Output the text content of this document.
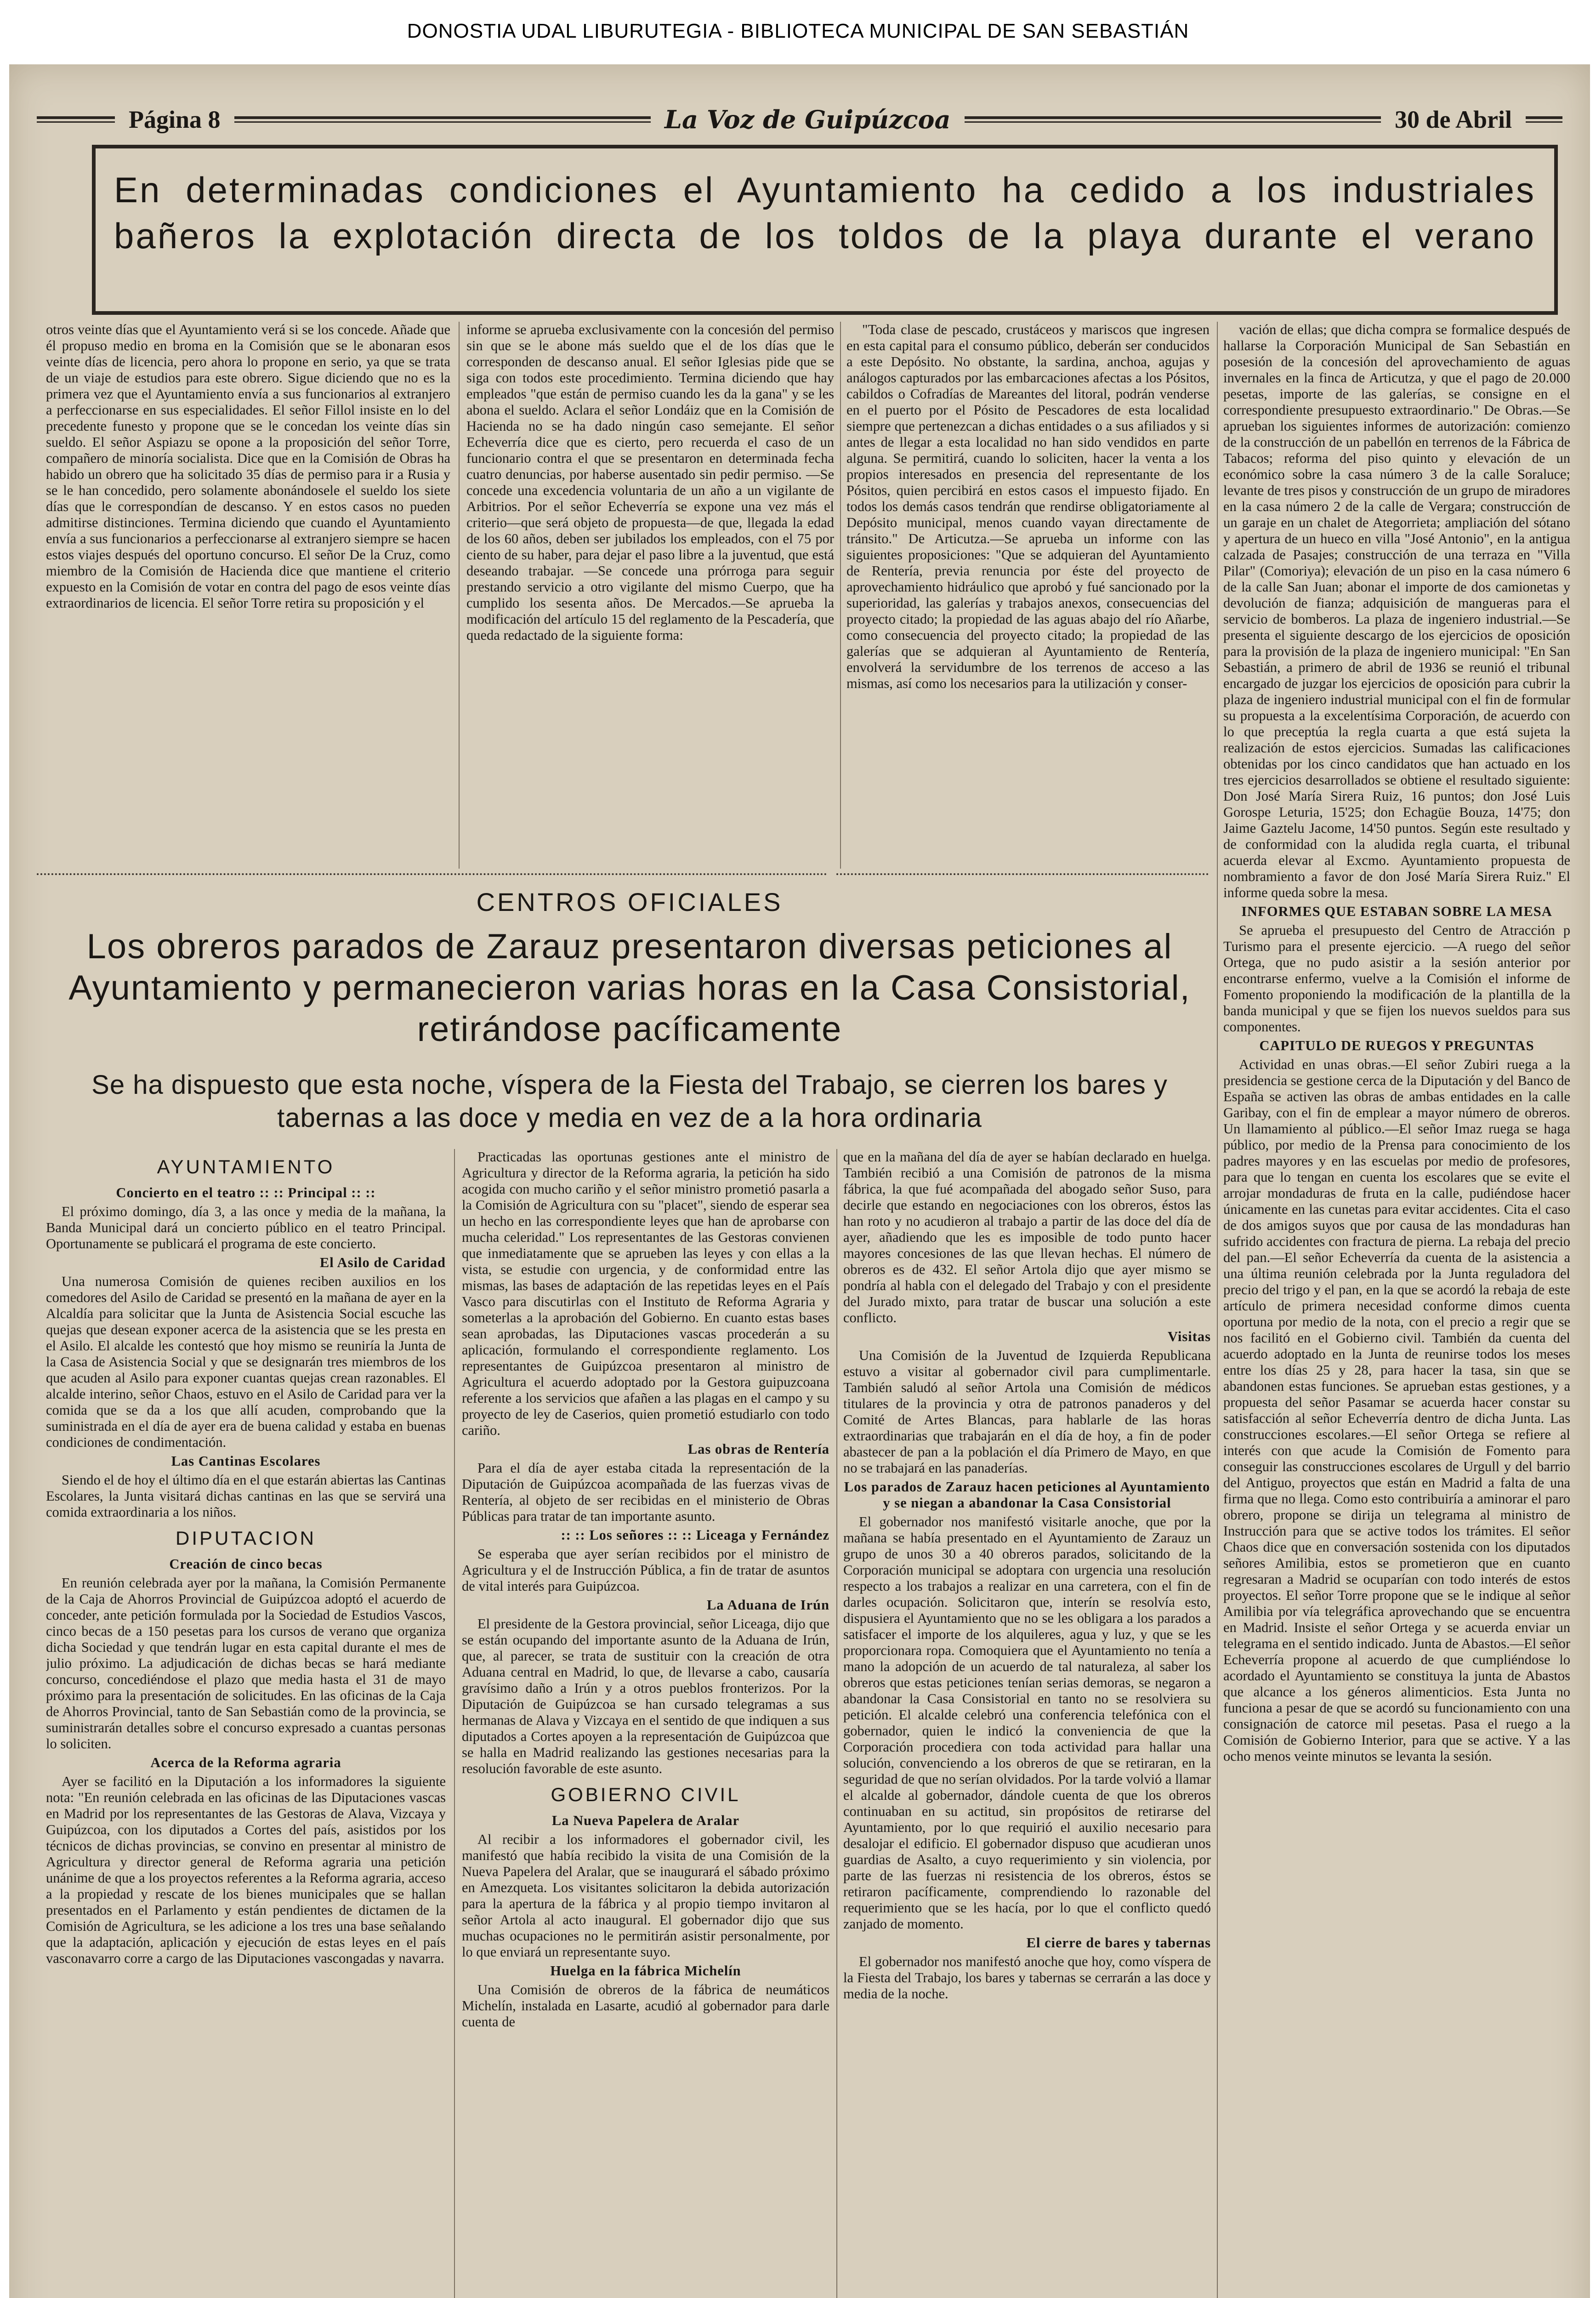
DONOSTIA UDAL LIBURUTEGIA - BIBLIOTECA MUNICIPAL DE SAN SEBASTIÁN
Página 8	La Voz de Guipúzcoa	30 de Abril
En determinadas condiciones el Ayuntamiento ha cedido a los industriales bañeros la explotación directa de los toldos de la playa durante el verano

otros veinte días que el Ayuntamiento verá si se los concede. Añade que él propuso medio en broma en la Comisión que se le abonaran esos veinte días de licencia, pero ahora lo propone en serio, ya que se trata de un viaje de estudios para este obrero. Sigue diciendo que no es la primera vez que el Ayuntamiento envía a sus funcionarios al extranjero a perfeccionarse en sus especialidades. El señor Fillol insiste en lo del precedente funesto y propone que se le concedan los veinte días sin sueldo. El señor Aspiazu se opone a la proposición del señor Torre, compañero de minoría socialista. Dice que en la Comisión de Obras ha habido un obrero que ha solicitado 35 días de permiso para ir a Rusia y se le han concedido, pero solamente abonándosele el sueldo los siete días que le correspondían de descanso. Y en estos casos no pueden admitirse distinciones. Termina diciendo que cuando el Ayuntamiento envía a sus funcionarios a perfeccionarse al extranjero siempre se hacen estos viajes después del oportuno concurso. El señor De la Cruz, como miembro de la Comisión de Hacienda dice que mantiene el criterio expuesto en la Comisión de votar en contra del pago de esos veinte días extraordinarios de licencia. El señor Torre retira su proposición y el

informe se aprueba exclusivamente con la concesión del permiso sin que se le abone más sueldo que el de los días que le corresponden de descanso anual. El señor Iglesias pide que se siga con todos este procedimiento. Termina diciendo que hay empleados "que están de permiso cuando les da la gana" y se les abona el sueldo. Aclara el señor Londáiz que en la Comisión de Hacienda no se ha dado ningún caso semejante. El señor Echeverría dice que es cierto, pero recuerda el caso de un funcionario contra el que se presentaron en determinada fecha cuatro denuncias, por haberse ausentado sin pedir permiso. —Se concede una excedencia voluntaria de un año a un vigilante de Arbitrios. Por el señor Echeverría se expone una vez más el criterio—que será objeto de propuesta—de que, llegada la edad de los 60 años, deben ser jubilados los empleados, con el 75 por ciento de su haber, para dejar el paso libre a la juventud, que está deseando trabajar. —Se concede una prórroga para seguir prestando servicio a otro vigilante del mismo Cuerpo, que ha cumplido los sesenta años. De Mercados.—Se aprueba la modificación del artículo 15 del reglamento de la Pescadería, que queda redactado de la siguiente forma:

"Toda clase de pescado, crustáceos y mariscos que ingresen en esta capital para el consumo público, deberán ser conducidos a este Depósito. No obstante, la sardina, anchoa, agujas y análogos capturados por las embarcaciones afectas a los Pósitos, cabildos o Cofradías de Mareantes del litoral, podrán venderse en el puerto por el Pósito de Pescadores de esta localidad siempre que pertenezcan a dichas entidades o a sus afiliados y si antes de llegar a esta localidad no han sido vendidos en parte alguna. Se permitirá, cuando lo soliciten, hacer la venta a los propios interesados en presencia del representante de los Pósitos, quien percibirá en estos casos el impuesto fijado. En todos los demás casos tendrán que rendirse obligatoriamente al Depósito municipal, menos cuando vayan directamente de tránsito." De Articutza.—Se aprueba un informe con las siguientes proposiciones: "Que se adquieran del Ayuntamiento de Rentería, previa renuncia por éste del proyecto de aprovechamiento hidráulico que aprobó y fué sancionado por la superioridad, las galerías y trabajos anexos, consecuencias del proyecto citado; la propiedad de las aguas abajo del río Añarbe, como consecuencia del proyecto citado; la propiedad de las galerías que se adquieran al Ayuntamiento de Rentería, envolverá la servidumbre de los terrenos de acceso a las mismas, así como los necesarios para la utilización y conser-

vación de ellas; que dicha compra se formalice después de hallarse la Corporación Municipal de San Sebastián en posesión de la concesión del aprovechamiento de aguas invernales en la finca de Articutza, y que el pago de 20.000 pesetas, importe de las galerías, se consigne en el correspondiente presupuesto extraordinario." De Obras.—Se aprueban los siguientes informes de autorización: comienzo de la construcción de un pabellón en terrenos de la Fábrica de Tabacos; reforma del piso quinto y elevación de un económico sobre la casa número 3 de la calle Soraluce; levante de tres pisos y construcción de un grupo de miradores en la casa número 2 de la calle de Vergara; construcción de un garaje en un chalet de Ategorrieta; ampliación del sótano y apertura de un hueco en villa "José Antonio", en la antigua calzada de Pasajes; construcción de una terraza en "Villa Pilar" (Comoriya); elevación de un piso en la casa número 6 de la calle San Juan; abonar el importe de dos camionetas y devolución de fianza; adquisición de mangueras para el servicio de bomberos. La plaza de ingeniero industrial.—Se presenta el siguiente descargo de los ejercicios de oposición para la provisión de la plaza de ingeniero municipal: "En San Sebastián, a primero de abril de 1936 se reunió el tribunal encargado de juzgar los ejercicios de oposición para cubrir la plaza de ingeniero industrial municipal con el fin de formular su propuesta a la excelentísima Corporación, de acuerdo con lo que preceptúa la regla cuarta a que está sujeta la realización de estos ejercicios. Sumadas las calificaciones obtenidas por los cinco candidatos que han actuado en los tres ejercicios desarrollados se obtiene el resultado siguiente: Don José María Sirera Ruiz, 16 puntos; don José Luis Gorospe Leturia, 15'25; don Echagüe Bouza, 14'75; don Jaime Gaztelu Jacome, 14'50 puntos. Según este resultado y de conformidad con la aludida regla cuarta, el tribunal acuerda elevar al Excmo. Ayuntamiento propuesta de nombramiento a favor de don José María Sirera Ruiz." El informe queda sobre la mesa.

INFORMES QUE ESTABAN SOBRE LA MESA

Se aprueba el presupuesto del Centro de Atracción p Turismo para el presente ejercicio. —A ruego del señor Ortega, que no pudo asistir a la sesión anterior por encontrarse enfermo, vuelve a la Comisión el informe de Fomento proponiendo la modificación de la plantilla de la banda municipal y que se fijen los nuevos sueldos para sus componentes.

CAPITULO DE RUEGOS Y PREGUNTAS

Actividad en unas obras.—El señor Zubiri ruega a la presidencia se gestione cerca de la Diputación y del Banco de España se activen las obras de ambas entidades en la calle Garibay, con el fin de emplear a mayor número de obreros. Un llamamiento al público.—El señor Imaz ruega se haga público, por medio de la Prensa para conocimiento de los padres mayores y en las escuelas por medio de profesores, para que lo tengan en cuenta los escolares que se evite el arrojar mondaduras de fruta en la calle, pudiéndose hacer únicamente en las cunetas para evitar accidentes. Cita el caso de dos amigos suyos que por causa de las mondaduras han sufrido accidentes con fractura de pierna. La rebaja del precio del pan.—El señor Echeverría da cuenta de la asistencia a una última reunión celebrada por la Junta reguladora del precio del trigo y el pan, en la que se acordó la rebaja de este artículo de primera necesidad conforme dimos cuenta oportuna por medio de la nota, con el precio a regir que se nos facilitó en el Gobierno civil. También da cuenta del acuerdo adoptado en la Junta de reunirse todos los meses entre los días 25 y 28, para hacer la tasa, sin que se abandonen estas funciones. Se aprueban estas gestiones, y a propuesta del señor Pasamar se acuerda hacer constar su satisfacción al señor Echeverría dentro de dicha Junta. Las construcciones escolares.—El señor Ortega se refiere al interés con que acude la Comisión de Fomento para conseguir las construcciones escolares de Urgull y del barrio del Antiguo, proyectos que están en Madrid a falta de una firma que no llega. Como esto contribuiría a aminorar el paro obrero, propone se dirija un telegrama al ministro de Instrucción para que se active todos los trámites. El señor Chaos dice que en conversación sostenida con los diputados señores Amilibia, estos se prometieron que en cuanto regresaran a Madrid se ocuparían con todo interés de estos proyectos. El señor Torre propone que se le indique al señor Amilibia por vía telegráfica aprovechando que se encuentra en Madrid. Insiste el señor Ortega y se acuerda enviar un telegrama en el sentido indicado. Junta de Abastos.—El señor Echeverría propone al acuerdo de que cumpliéndose lo acordado el Ayuntamiento se constituya la junta de Abastos que alcance a los géneros alimenticios. Esta Junta no funciona a pesar de que se acordó su funcionamiento con una consignación de catorce mil pesetas. Pasa el ruego a la Comisión de Gobierno Interior, para que se active. Y a las ocho menos veinte minutos se levanta la sesión.

CENTROS OFICIALES
Los obreros parados de Zarauz presentaron diversas peticiones al Ayuntamiento y permanecieron varias horas en la Casa Consistorial, retirándose pacíficamente
Se ha dispuesto que esta noche, víspera de la Fiesta del Trabajo, se cierren los bares y tabernas a las doce y media en vez de a la hora ordinaria

AYUNTAMIENTO

Concierto en el teatro :: :: Principal :: ::

El próximo domingo, día 3, a las once y media de la mañana, la Banda Municipal dará un concierto público en el teatro Principal. Oportunamente se publicará el programa de este concierto.

El Asilo de Caridad

Una numerosa Comisión de quienes reciben auxilios en los comedores del Asilo de Caridad se presentó en la mañana de ayer en la Alcaldía para solicitar que la Junta de Asistencia Social escuche las quejas que desean exponer acerca de la asistencia que se les presta en el Asilo. El alcalde les contestó que hoy mismo se reuniría la Junta de la Casa de Asistencia Social y que se designarán tres miembros de los que acuden al Asilo para exponer cuantas quejas crean razonables. El alcalde interino, señor Chaos, estuvo en el Asilo de Caridad para ver la comida que se da a los que allí acuden, comprobando que la suministrada en el día de ayer era de buena calidad y estaba en buenas condiciones de condimentación.

Las Cantinas Escolares

Siendo el de hoy el último día en el que estarán abiertas las Cantinas Escolares, la Junta visitará dichas cantinas en las que se servirá una comida extraordinaria a los niños.

DIPUTACION

Creación de cinco becas

En reunión celebrada ayer por la mañana, la Comisión Permanente de la Caja de Ahorros Provincial de Guipúzcoa adoptó el acuerdo de conceder, ante petición formulada por la Sociedad de Estudios Vascos, cinco becas de a 150 pesetas para los cursos de verano que organiza dicha Sociedad y que tendrán lugar en esta capital durante el mes de julio próximo. La adjudicación de dichas becas se hará mediante concurso, concediéndose el plazo que media hasta el 31 de mayo próximo para la presentación de solicitudes. En las oficinas de la Caja de Ahorros Provincial, tanto de San Sebastián como de la provincia, se suministrarán detalles sobre el concurso expresado a cuantas personas lo soliciten.

Acerca de la Reforma agraria

Ayer se facilitó en la Diputación a los informadores la siguiente nota: "En reunión celebrada en las oficinas de las Diputaciones vascas en Madrid por los representantes de las Gestoras de Alava, Vizcaya y Guipúzcoa, con los diputados a Cortes del país, asistidos por los técnicos de dichas provincias, se convino en presentar al ministro de Agricultura y director general de Reforma agraria una petición unánime de que a los proyectos referentes a la Reforma agraria, acceso a la propiedad y rescate de los bienes municipales que se hallan presentados en el Parlamento y están pendientes de dictamen de la Comisión de Agricultura, se les adicione a los tres una base señalando que la adaptación, aplicación y ejecución de estas leyes en el país vasconavarro corre a cargo de las Diputaciones vascongadas y navarra.

Practicadas las oportunas gestiones ante el ministro de Agricultura y director de la Reforma agraria, la petición ha sido acogida con mucho cariño y el señor ministro prometió pasarla a la Comisión de Agricultura con su "placet", siendo de esperar sea un hecho en las correspondiente leyes que han de aprobarse con mucha celeridad." Los representantes de las Gestoras convienen que inmediatamente que se aprueben las leyes y con ellas a la vista, se estudie con urgencia, y de conformidad entre las mismas, las bases de adaptación de las repetidas leyes en el País Vasco para discutirlas con el Instituto de Reforma Agraria y someterlas a la aprobación del Gobierno. En cuanto estas bases sean aprobadas, las Diputaciones vascas procederán a su aplicación, formulando el correspondiente reglamento. Los representantes de Guipúzcoa presentaron al ministro de Agricultura el acuerdo adoptado por la Gestora guipuzcoana referente a los servicios que afañen a las plagas en el campo y su proyecto de ley de Caserios, quien prometió estudiarlo con todo cariño.

Las obras de Rentería

Para el día de ayer estaba citada la representación de la Diputación de Guipúzcoa acompañada de las fuerzas vivas de Rentería, al objeto de ser recibidas en el ministerio de Obras Públicas para tratar de tan importante asunto.

:: :: Los señores :: :: Liceaga y Fernández

Se esperaba que ayer serían recibidos por el ministro de Agricultura y el de Instrucción Pública, a fin de tratar de asuntos de vital interés para Guipúzcoa.

La Aduana de Irún

El presidente de la Gestora provincial, señor Liceaga, dijo que se están ocupando del importante asunto de la Aduana de Irún, que, al parecer, se trata de sustituir con la creación de otra Aduana central en Madrid, lo que, de llevarse a cabo, causaría gravísimo daño a Irún y a otros pueblos fronterizos. Por la Diputación de Guipúzcoa se han cursado telegramas a sus hermanas de Alava y Vizcaya en el sentido de que indiquen a sus diputados a Cortes apoyen a la representación de Guipúzcoa que se halla en Madrid realizando las gestiones necesarias para la resolución favorable de este asunto.

GOBIERNO CIVIL

La Nueva Papelera de Aralar

Al recibir a los informadores el gobernador civil, les manifestó que había recibido la visita de una Comisión de la Nueva Papelera del Aralar, que se inaugurará el sábado próximo en Amezqueta. Los visitantes solicitaron la debida autorización para la apertura de la fábrica y al propio tiempo invitaron al señor Artola al acto inaugural. El gobernador dijo que sus muchas ocupaciones no le permitirán asistir personalmente, por lo que enviará un representante suyo.

Huelga en la fábrica Michelín

Una Comisión de obreros de la fábrica de neumáticos Michelín, instalada en Lasarte, acudió al gobernador para darle cuenta de

que en la mañana del día de ayer se habían declarado en huelga. También recibió a una Comisión de patronos de la misma fábrica, la que fué acompañada del abogado señor Suso, para decirle que estando en negociaciones con los obreros, éstos las han roto y no acudieron al trabajo a partir de las doce del día de ayer, añadiendo que les es imposible de todo punto hacer mayores concesiones de las que llevan hechas. El número de obreros es de 432. El señor Artola dijo que ayer mismo se pondría al habla con el delegado del Trabajo y con el presidente del Jurado mixto, para tratar de buscar una solución a este conflicto.

Visitas

Una Comisión de la Juventud de Izquierda Republicana estuvo a visitar al gobernador civil para cumplimentarle. También saludó al señor Artola una Comisión de médicos titulares de la provincia y otra de patronos panaderos y del Comité de Artes Blancas, para hablarle de las horas extraordinarias que trabajarán en el día de hoy, a fin de poder abastecer de pan a la población el día Primero de Mayo, en que no se trabajará en las panaderías.

Los parados de Zarauz hacen peticiones al Ayuntamiento y se niegan a abandonar la Casa Consistorial

El gobernador nos manifestó visitarle anoche, que por la mañana se había presentado en el Ayuntamiento de Zarauz un grupo de unos 30 a 40 obreros parados, solicitando de la Corporación municipal se adoptara con urgencia una resolución respecto a los trabajos a realizar en una carretera, con el fin de darles ocupación. Solicitaron que, interín se resolvía esto, dispusiera el Ayuntamiento que no se les obligara a los parados a satisfacer el importe de los alquileres, agua y luz, y que se les proporcionara ropa. Comoquiera que el Ayuntamiento no tenía a mano la adopción de un acuerdo de tal naturaleza, al saber los obreros que estas peticiones tenían serias demoras, se negaron a abandonar la Casa Consistorial en tanto no se resolviera su petición. El alcalde celebró una conferencia telefónica con el gobernador, quien le indicó la conveniencia de que la Corporación procediera con toda actividad para hallar una solución, convenciendo a los obreros de que se retiraran, en la seguridad de que no serían olvidados. Por la tarde volvió a llamar el alcalde al gobernador, dándole cuenta de que los obreros continuaban en su actitud, sin propósitos de retirarse del Ayuntamiento, por lo que requirió el auxilio necesario para desalojar el edificio. El gobernador dispuso que acudieran unos guardias de Asalto, a cuyo requerimiento y sin violencia, por parte de las fuerzas ni resistencia de los obreros, éstos se retiraron pacíficamente, comprendiendo lo razonable del requerimiento que se les hacía, por lo que el conflicto quedó zanjado de momento.

El cierre de bares y tabernas

El gobernador nos manifestó anoche que hoy, como víspera de la Fiesta del Trabajo, los bares y tabernas se cerrarán a las doce y media de la noche.
